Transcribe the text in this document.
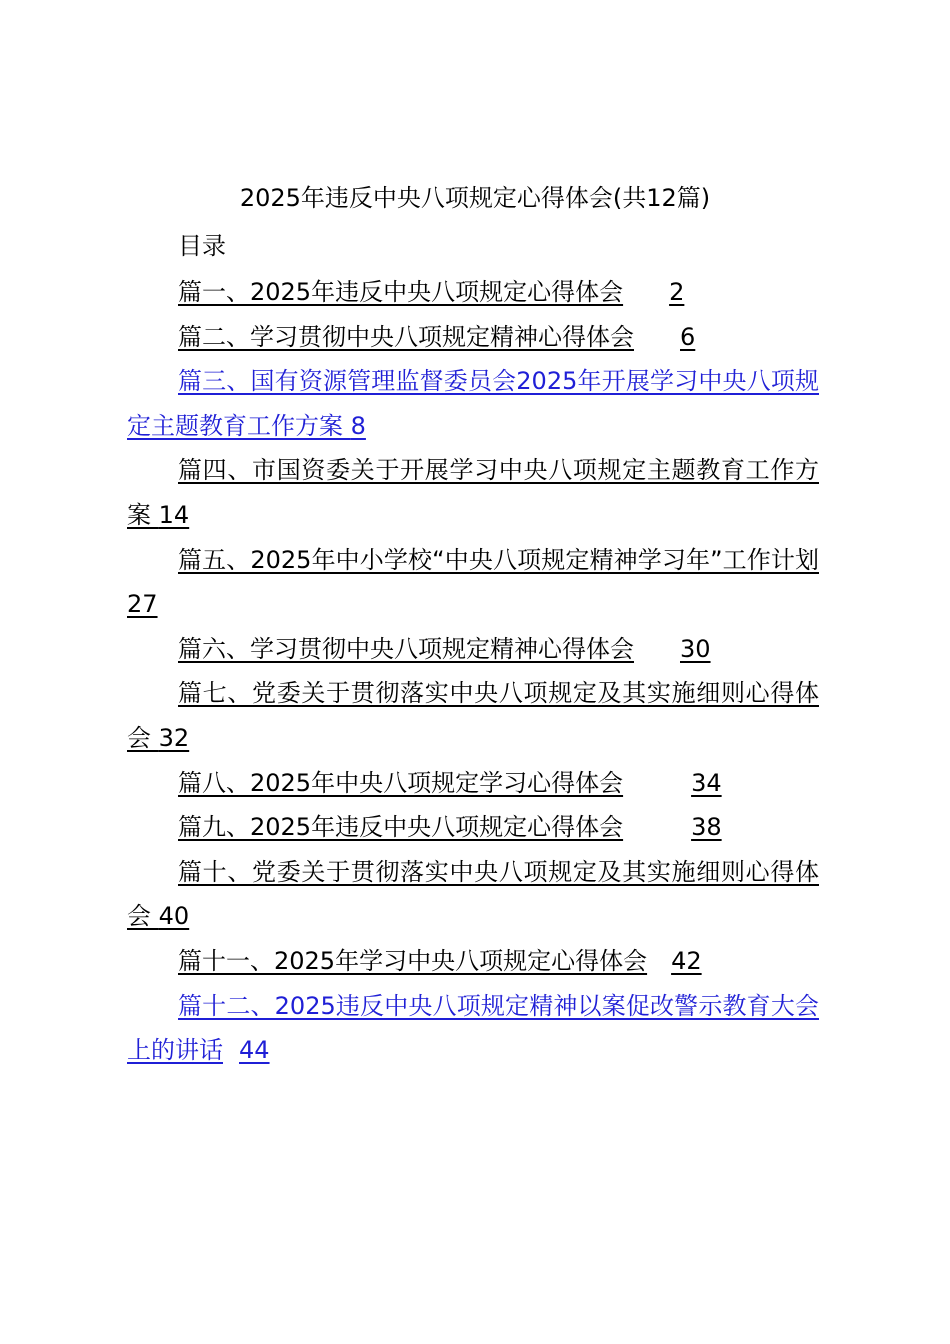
2025年违反中央八项规定心得体会(共12篇)
目录
篇一、2025年违反中央八项规定心得体会 2
篇二、学习贯彻中央八项规定精神心得体会 6
篇三、国有资源管理监督委员会2025年开展学习中央八项规定主题教育工作方案 8
篇四、市国资委关于开展学习中央八项规定主题教育工作方案 14
篇五、2025年中小学校“中央八项规定精神学习年”工作计划 27
篇六、学习贯彻中央八项规定精神心得体会 30
篇七、党委关于贯彻落实中央八项规定及其实施细则心得体会 32
篇八、2025年中央八项规定学习心得体会	34
篇九、2025年违反中央八项规定心得体会	38
篇十、党委关于贯彻落实中央八项规定及其实施细则心得体会 40
篇十一、2025年学习中央八项规定心得体会 42
篇十二、2025违反中央八项规定精神以案促改警示教育大会上的讲话 44
